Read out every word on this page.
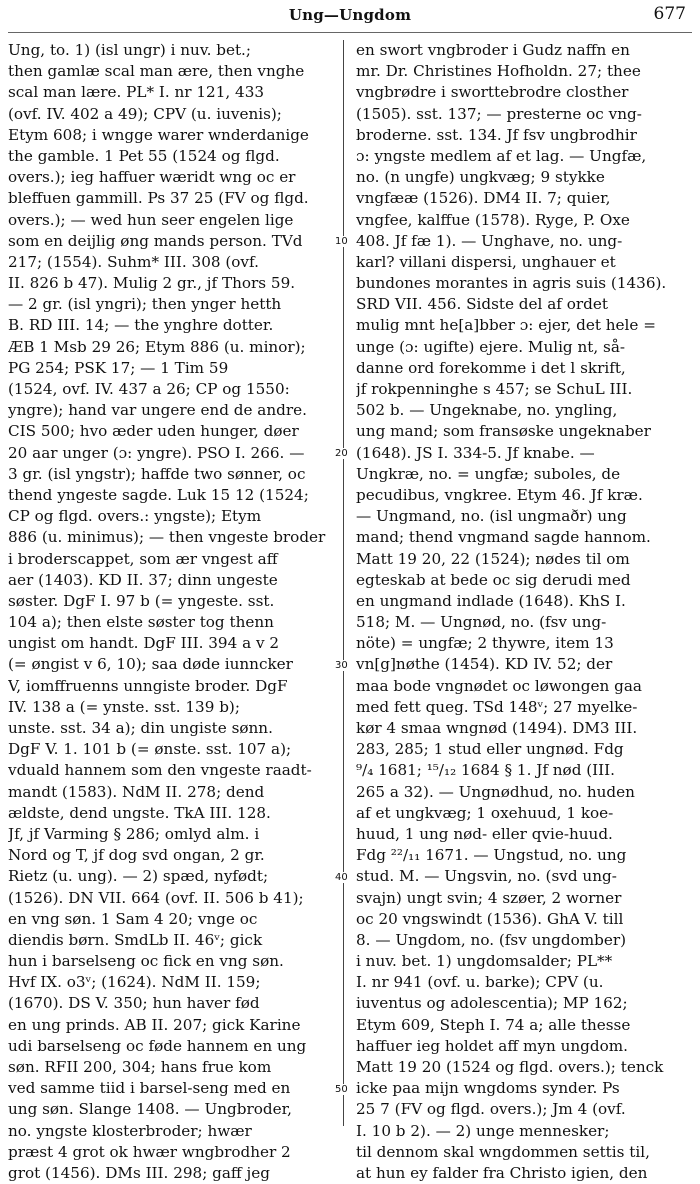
Ung—Ungdom	677
Ung, to. 1) (isl ungr) i nuv. bet.;
then gamlæ scal man ære, then vnghe
scal man lære. PL* I. nr 121, 433
(ovf. IV. 402 a 49); CPV (u. iuvenis);
Etym 608; i wngge warer wnderdanige
the gamble. 1 Pet 55 (1524 og flgd.
overs.); ieg haffuer wæridt wng oc er
bleffuen gammill. Ps 37 25 (FV og flgd.
overs.); — wed hun seer engelen lige
som en deijlig øng mands person. TVd
217; (1554). Suhm* III. 308 (ovf.
II. 826 b 47). Mulig 2 gr., jf Thors 59.
— 2 gr. (isl yngri); then ynger hetth
B. RD III. 14; — the ynghre dotter.
ÆB 1 Msb 29 26; Etym 886 (u. minor);
PG 254; PSK 17; — 1 Tim 59
(1524, ovf. IV. 437 a 26; CP og 1550:
yngre); hand var ungere end de andre.
CIS 500; hvo æder uden hunger, døer
20 aar unger (ɔ: yngre). PSO I. 266. —
3 gr. (isl yngstr); haffde two sønner, oc
thend yngeste sagde. Luk 15 12 (1524;
CP og flgd. overs.: yngste); Etym
886 (u. minimus); — then vngeste broder
i broderscappet, som ær vngest aff
aer (1403). KD II. 37; dinn ungeste
søster. DgF I. 97 b (= yngeste. sst.
104 a); then elste søster tog thenn
ungist om handt. DgF III. 394 a v 2
(= øngist v 6, 10); saa døde iunncker
V, iomffruenns unngiste broder. DgF
IV. 138 a (= ynste. sst. 139 b);
unste. sst. 34 a); din ungiste sønn.
DgF V. 1. 101 b (= ønste. sst. 107 a);
vduald hannem som den vngeste raadt-
mandt (1583). NdM II. 278; dend
ældste, dend ungste. TkA III. 128.
Jf, jf Varming § 286; omlyd alm. i
Nord og T, jf dog svd ongan, 2 gr.
Rietz (u. ung). — 2) spæd, nyfødt;
(1526). DN VII. 664 (ovf. II. 506 b 41);
en vng søn. 1 Sam 4 20; vnge oc
diendis børn. SmdLb II. 46ᵛ; gick
hun i barselseng oc fick en vng søn.
Hvf IX. o3ᵛ; (1624). NdM II. 159;
(1670). DS V. 350; hun haver fød
en ung prinds. AB II. 207; gick Karine
udi barselseng oc føde hannem en ung
søn. RFII 200, 304; hans frue kom
ved samme tiid i barsel-seng med en
ung søn. Slange 1408. — Ungbroder,
no. yngste klosterbroder; hwær
præst 4 grot ok hwær wngbrodher 2
grot (1456). DMs III. 298; gaff jeg
en swort vngbroder i Gudz naffn en
mr. Dr. Christines Hofholdn. 27; thee
vngbrødre i sworttebrodre closther
(1505). sst. 137; — presterne oc vng-
broderne. sst. 134. Jf fsv ungbrodhir
ɔ: yngste medlem af et lag. — Ungfæ,
no. (n ungfe) ungkvæg; 9 stykke
vngfææ (1526). DM4 II. 7; quier,
vngfee, kalffue (1578). Ryge, P. Oxe
408. Jf fæ 1). — Unghave, no. ung-
karl? villani dispersi, unghauer et
bundones morantes in agris suis (1436).
SRD VII. 456. Sidste del af ordet
mulig mnt he[a]bber ɔ: ejer, det hele =
unge (ɔ: ugifte) ejere. Mulig nt, så-
danne ord forekomme i det l skrift,
jf rokpenninghe s 457; se SchuL III.
502 b. — Ungeknabe, no. yngling,
ung mand; som fransøske ungeknaber
(1648). JS I. 334-5. Jf knabe. —
Ungkræ, no. = ungfæ; suboles, de
pecudibus, vngkree. Etym 46. Jf kræ.
— Ungmand, no. (isl ungmaðr) ung
mand; thend vngmand sagde hannom.
Matt 19 20, 22 (1524); nødes til om
egteskab at bede oc sig derudi med
en ungmand indlade (1648). KhS I.
518; M. — Ungnød, no. (fsv ung-
nöte) = ungfæ; 2 thywre, item 13
vn[g]nøthe (1454). KD IV. 52; der
maa bode vngnødet oc løwongen gaa
med fett queg. TSd 148ᵛ; 27 myelke-
kør 4 smaa wngnød (1494). DM3 III.
283, 285; 1 stud eller ungnød. Fdg
⁹/₄ 1681; ¹⁵/₁₂ 1684 § 1. Jf nød (III.
265 a 32). — Ungnødhud, no. huden
af et ungkvæg; 1 oxehuud, 1 koe-
huud, 1 ung nød- eller qvie-huud.
Fdg ²²/₁₁ 1671. — Ungstud, no. ung
stud. M. — Ungsvin, no. (svd ung-
svajn) ungt svin; 4 szøer, 2 worner
oc 20 vngswindt (1536). GhA V. till
8. — Ungdom, no. (fsv ungdomber)
i nuv. bet. 1) ungdomsalder; PL**
I. nr 941 (ovf. u. barke); CPV (u.
iuventus og adolescentia); MP 162;
Etym 609, Steph I. 74 a; alle thesse
haffuer ieg holdet aff myn ungdom.
Matt 19 20 (1524 og flgd. overs.); tenck
icke paa mijn wngdoms synder. Ps
25 7 (FV og flgd. overs.); Jm 4 (ovf.
I. 10 b 2). — 2) unge mennesker;
til dennom skal wngdommen settis til,
at hun ey falder fra Christo igien, den
10
20
30
40
50
